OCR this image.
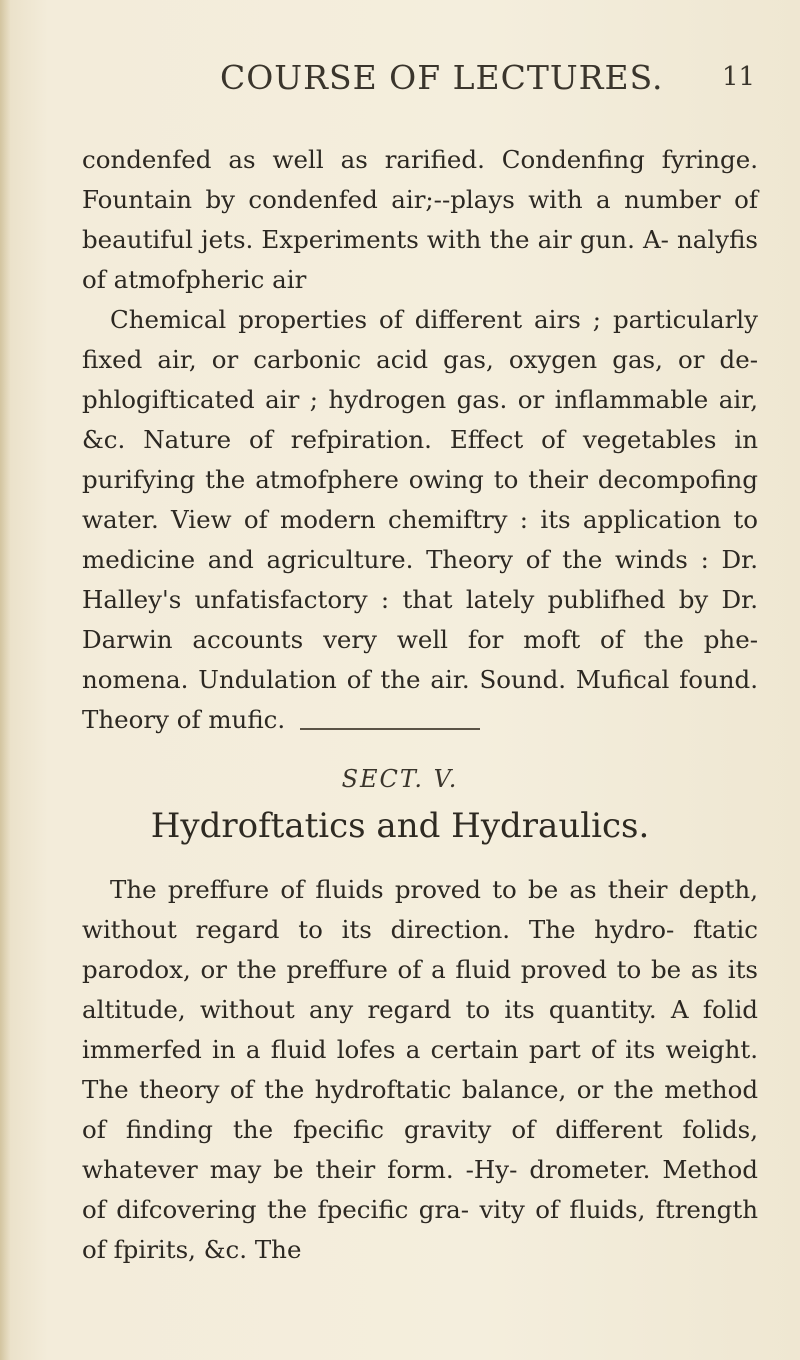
COURSE OF LECTURES.	11

condenfed as well as rarified. Condenfing fyringe. Fountain by condenfed air;--plays with a number of beautiful jets. Experiments with the air gun. A- nalyfis of atmofpheric air

Chemical properties of different airs ; particularly fixed air, or carbonic acid gas, oxygen gas, or de- phlogifticated air ; hydrogen gas. or inflammable air, &c. Nature of refpiration. Effect of vegetables in purifying the atmofphere owing to their decompofing water. View of modern chemiftry : its application to medicine and agriculture. Theory of the winds : Dr. Halley's unfatisfactory : that lately publifhed by Dr. Darwin accounts very well for moft of the phe- nomena. Undulation of the air. Sound. Mufical found. Theory of mufic.

SECT. V.
Hydroftatics and Hydraulics.

The preffure of fluids proved to be as their depth, without regard to its direction. The hydro- ftatic parodox, or the preffure of a fluid proved to be as its altitude, without any regard to its quantity. A folid immerfed in a fluid lofes a certain part of its weight. The theory of the hydroftatic balance, or the method of finding the fpecific gravity of different folids, whatever may be their form. -Hy- drometer. Method of difcovering the fpecific gra- vity of fluids, ftrength of fpirits, &c. The
